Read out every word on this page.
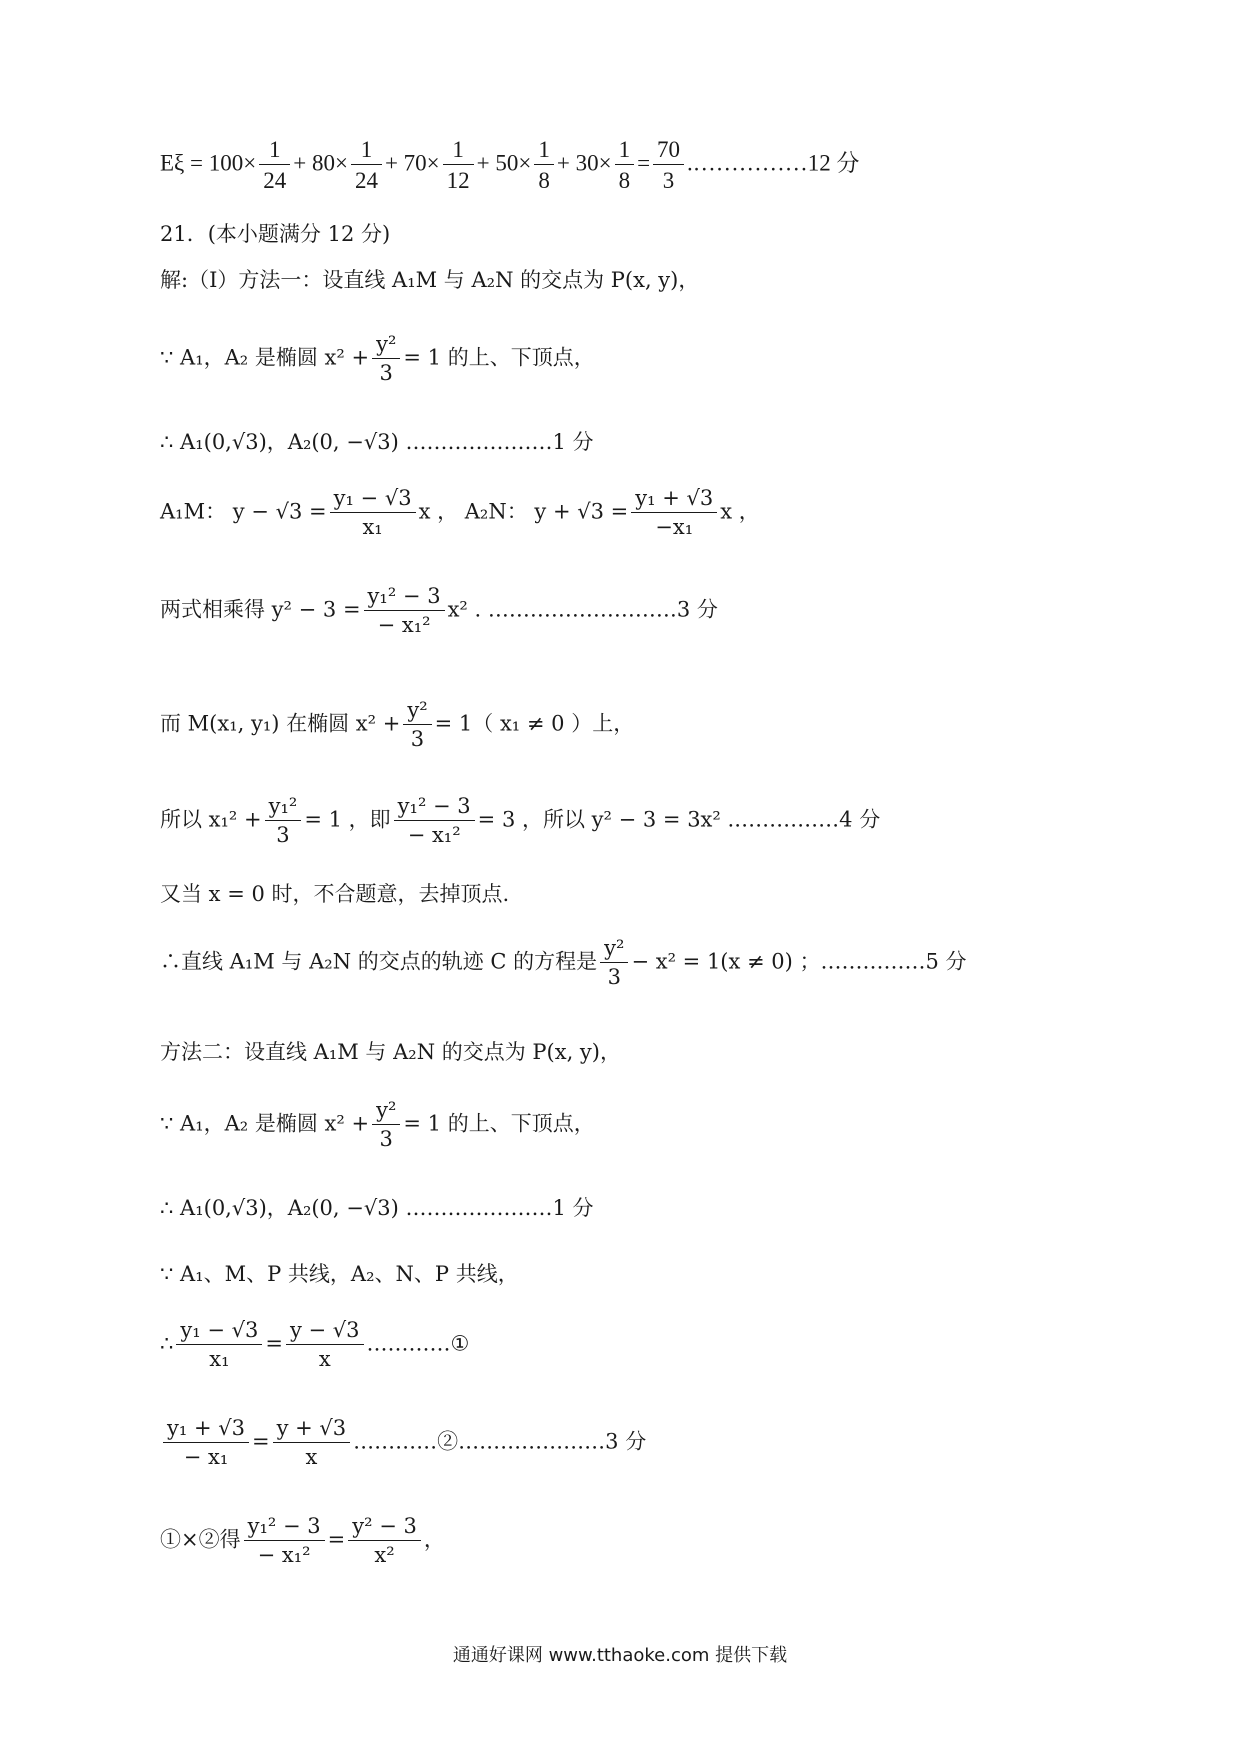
$E\xi = 100\times \frac{1}{24} + 80\times \frac{1}{24} + 70\times \frac{1}{12} + 50\times \frac{1}{8} + 30\times \frac{1}{8} = \frac{70}{3}$ .……………12 分
21．(本小题满分 12 分)
解:（Ⅰ）方法一：设直线 A₁M 与 A₂N 的交点为 P(x, y)，
∵ A₁，A₂ 是椭圆 $x^2 + \frac{\text{y²}}{3} = 1$ 的上、下顶点，
∴ A₁(0,√3)，A₂(0, −√3) …………………1 分
A₁M： $y - √3 = \frac{\text{y₁ − √3}}{\text{x₁}}$ x ， A₂N： $y + √3 = \frac{\text{y₁ + √3}}{\text{−x₁}}$ x ，
两式相乘得 $y^2 - 3 = \frac{\text{y₁² − 3}}{\text{− x₁²}} x^2$ . ………………………3 分
而 M(x₁, y₁) 在椭圆 $x^2 + \frac{\text{y²}}{3} = 1$（ x₁ ≠ 0 ）上，
所以 $x_1^2 + \frac{\text{y₁²}}{3} = 1$ ，即 $\frac{\text{y₁² − 3}}{\text{− x₁²}} = 3$ ，所以 y² − 3 = 3x² .……………4 分
又当 x = 0 时，不合题意，去掉顶点.
∴直线 A₁M 与 A₂N 的交点的轨迹 C 的方程是 $\frac{\text{y²}}{3} - x^2 = 1(x \ne 0)$ ；……………5 分
方法二：设直线 A₁M 与 A₂N 的交点为 P(x, y)，
∵ A₁，A₂ 是椭圆 $x^2 + \frac{\text{y²}}{3} = 1$ 的上、下顶点，
∴ A₁(0,√3)，A₂(0, −√3) …………………1 分
∵ A₁、M、P 共线，A₂、N、P 共线，
∴ $\frac{\text{y₁ − √3}}{\text{x₁}} = \frac{y - √3}{x}$ …………①
$\frac{\text{y₁ + √3}}{\text{− x₁}} = \frac{y + √3}{x}$ …………②…………………3 分
①×②得 $\frac{\text{y₁² − 3}}{\text{− x₁²}} = \frac{\text{y² − 3}}{\text{x²}}$ ，
通通好课网 www.tthaoke.com 提供下载
